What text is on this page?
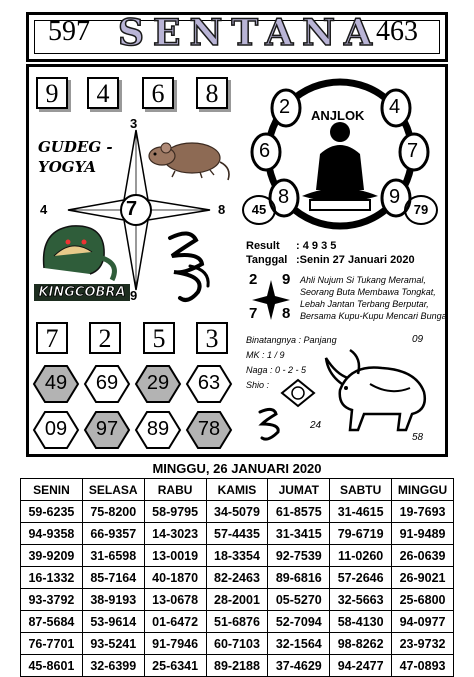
597 SENTANA
463
9	4	6	8
GUDEG -
YOGYA
3
4	8
9
7
KINGCOBRA
ANJLOK
2
6
8
4
7
9
45	79
Result : 4 9 3 5
Tanggal :Senin 27 Januari 2020
2 9
7 8
Ahli Nujum Si Tukang Meramal,
Seorang Buta Membawa Tongkat,
Lebah Jantan Terbang Berputar,
Bersama Kupu-Kupu Mencari Bunga.
Binatangnya : Panjang
MK : 1 / 9
Naga : 0 - 2 - 5
Shio :
09
24
58
7	2	5	3
49	69	29	63
09	97	89	78
MINGGU, 26 JANUARI 2020
SENIN	SELASA	RABU	KAMIS	JUMAT	SABTU	MINGGU
59-6235	75-8200	58-9795	34-5079	61-8575	31-4615	19-7693
94-9358	66-9357	14-3023	57-4435	31-3415	79-6719	91-9489
39-9209	31-6598	13-0019	18-3354	92-7539	11-0260	26-0639
16-1332	85-7164	40-1870	82-2463	89-6816	57-2646	26-9021
93-3792	38-9193	13-0678	28-2001	05-5270	32-5663	25-6800
87-5684	53-9614	01-6472	51-6876	52-7094	58-4130	94-0977
76-7701	93-5241	91-7946	60-7103	32-1564	98-8262	23-9732
45-8601	32-6399	25-6341	89-2188	37-4629	94-2477	47-0893
